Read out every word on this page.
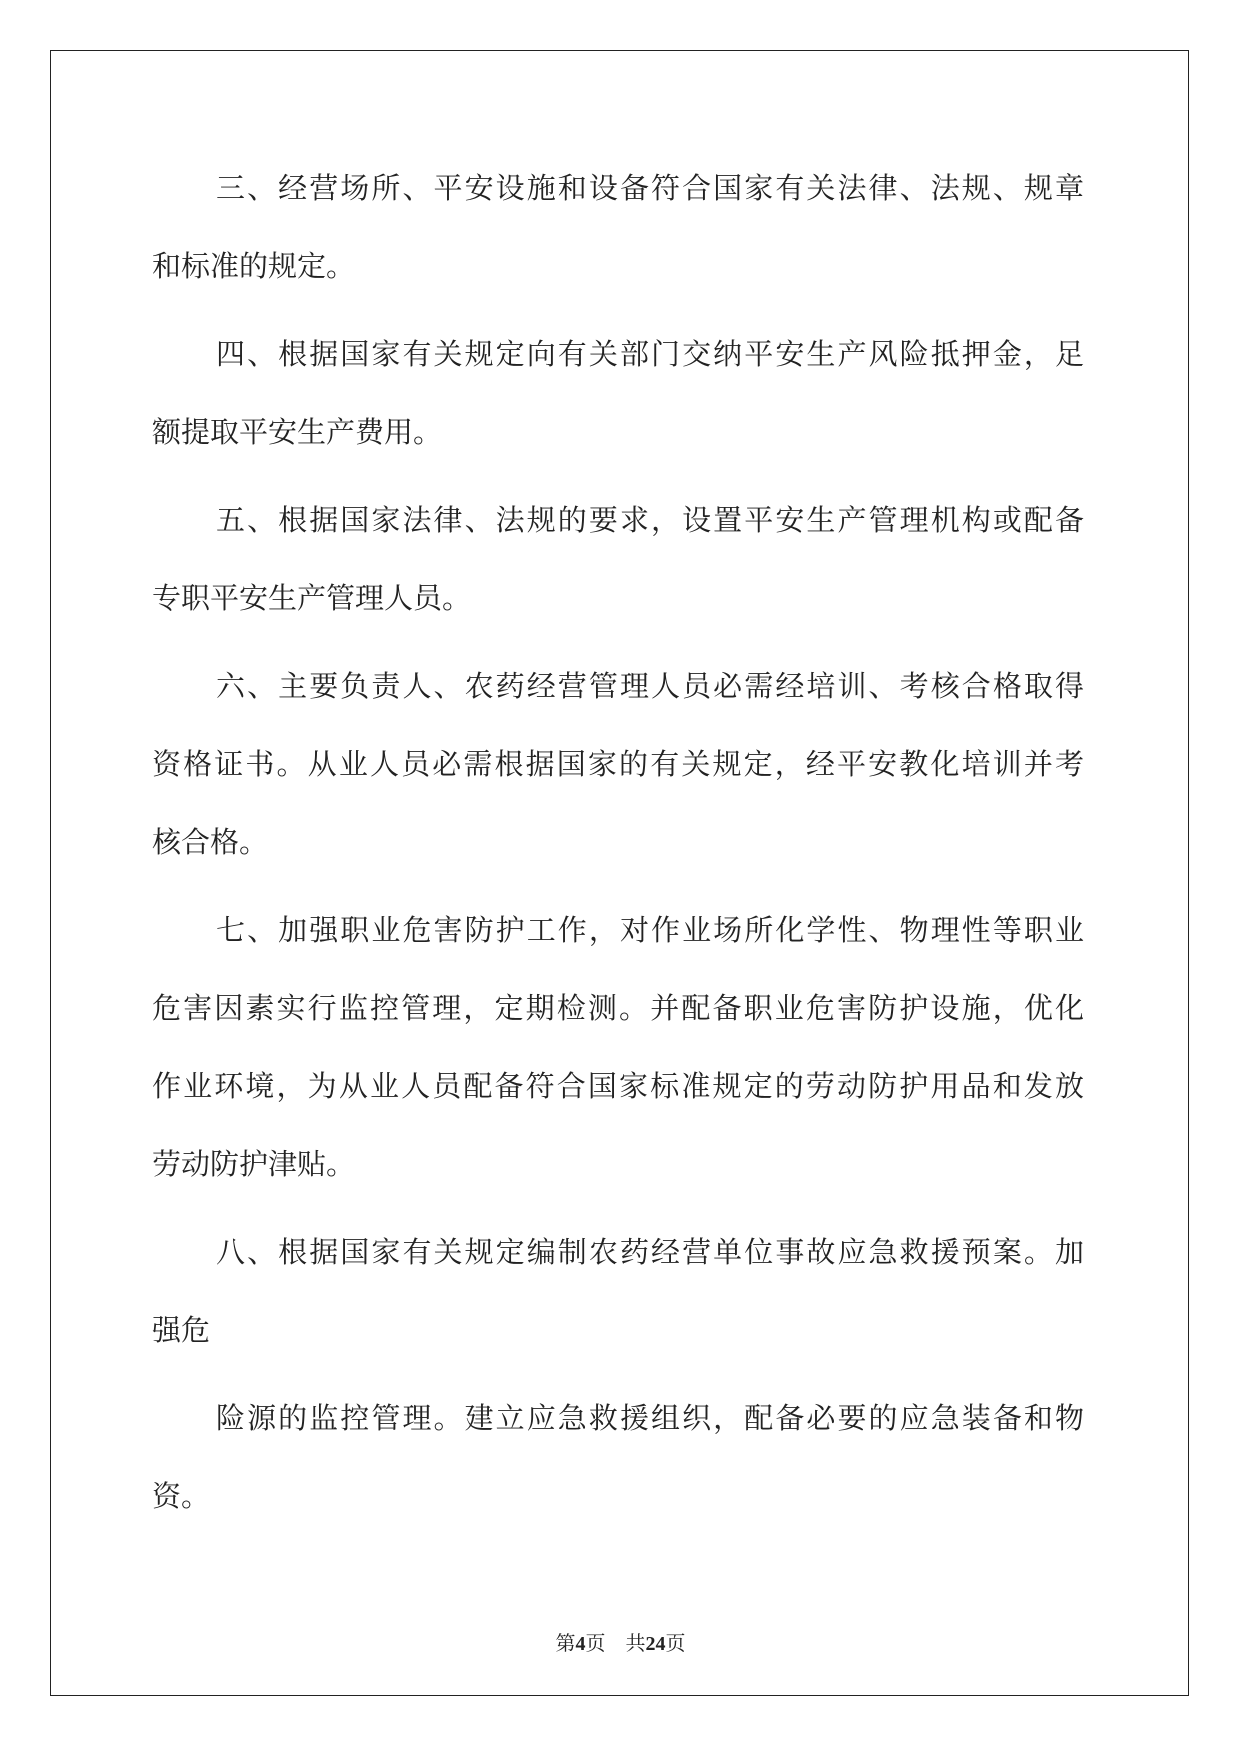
三、经营场所、平安设施和设备符合国家有关法律、法规、规章

和标准的规定。

四、根据国家有关规定向有关部门交纳平安生产风险抵押金，足

额提取平安生产费用。

五、根据国家法律、法规的要求，设置平安生产管理机构或配备

专职平安生产管理人员。

六、主要负责人、农药经营管理人员必需经培训、考核合格取得

资格证书。从业人员必需根据国家的有关规定，经平安教化培训并考

核合格。

七、加强职业危害防护工作，对作业场所化学性、物理性等职业

危害因素实行监控管理，定期检测。并配备职业危害防护设施，优化

作业环境，为从业人员配备符合国家标准规定的劳动防护用品和发放

劳动防护津贴。

八、根据国家有关规定编制农药经营单位事故应急救援预案。加

强危

险源的监控管理。建立应急救援组织，配备必要的应急装备和物

资。

第4页 共24页
